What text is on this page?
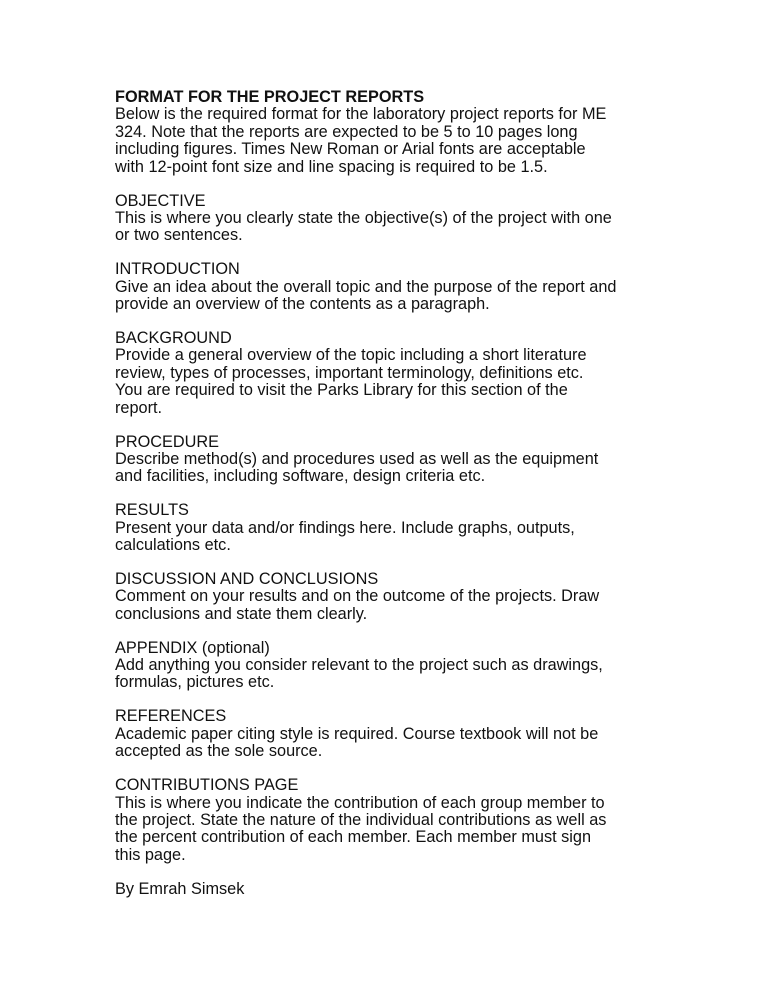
FORMAT FOR THE PROJECT REPORTS
Below is the required format for the laboratory project reports for ME
324. Note that the reports are expected to be 5 to 10 pages long
including figures. Times New Roman or Arial fonts are acceptable
with 12-point font size and line spacing is required to be 1.5.
OBJECTIVE
This is where you clearly state the objective(s) of the project with one
or two sentences.
INTRODUCTION
Give an idea about the overall topic and the purpose of the report and
provide an overview of the contents as a paragraph.
BACKGROUND
Provide a general overview of the topic including a short literature
review, types of processes, important terminology, definitions etc.
You are required to visit the Parks Library for this section of the
report.
PROCEDURE
Describe method(s) and procedures used as well as the equipment
and facilities, including software, design criteria etc.
RESULTS
Present your data and/or findings here. Include graphs, outputs,
calculations etc.
DISCUSSION AND CONCLUSIONS
Comment on your results and on the outcome of the projects. Draw
conclusions and state them clearly.
APPENDIX (optional)
Add anything you consider relevant to the project such as drawings,
formulas, pictures etc.
REFERENCES
Academic paper citing style is required. Course textbook will not be
accepted as the sole source.
CONTRIBUTIONS PAGE
This is where you indicate the contribution of each group member to
the project. State the nature of the individual contributions as well as
the percent contribution of each member. Each member must sign
this page.
By Emrah Simsek
